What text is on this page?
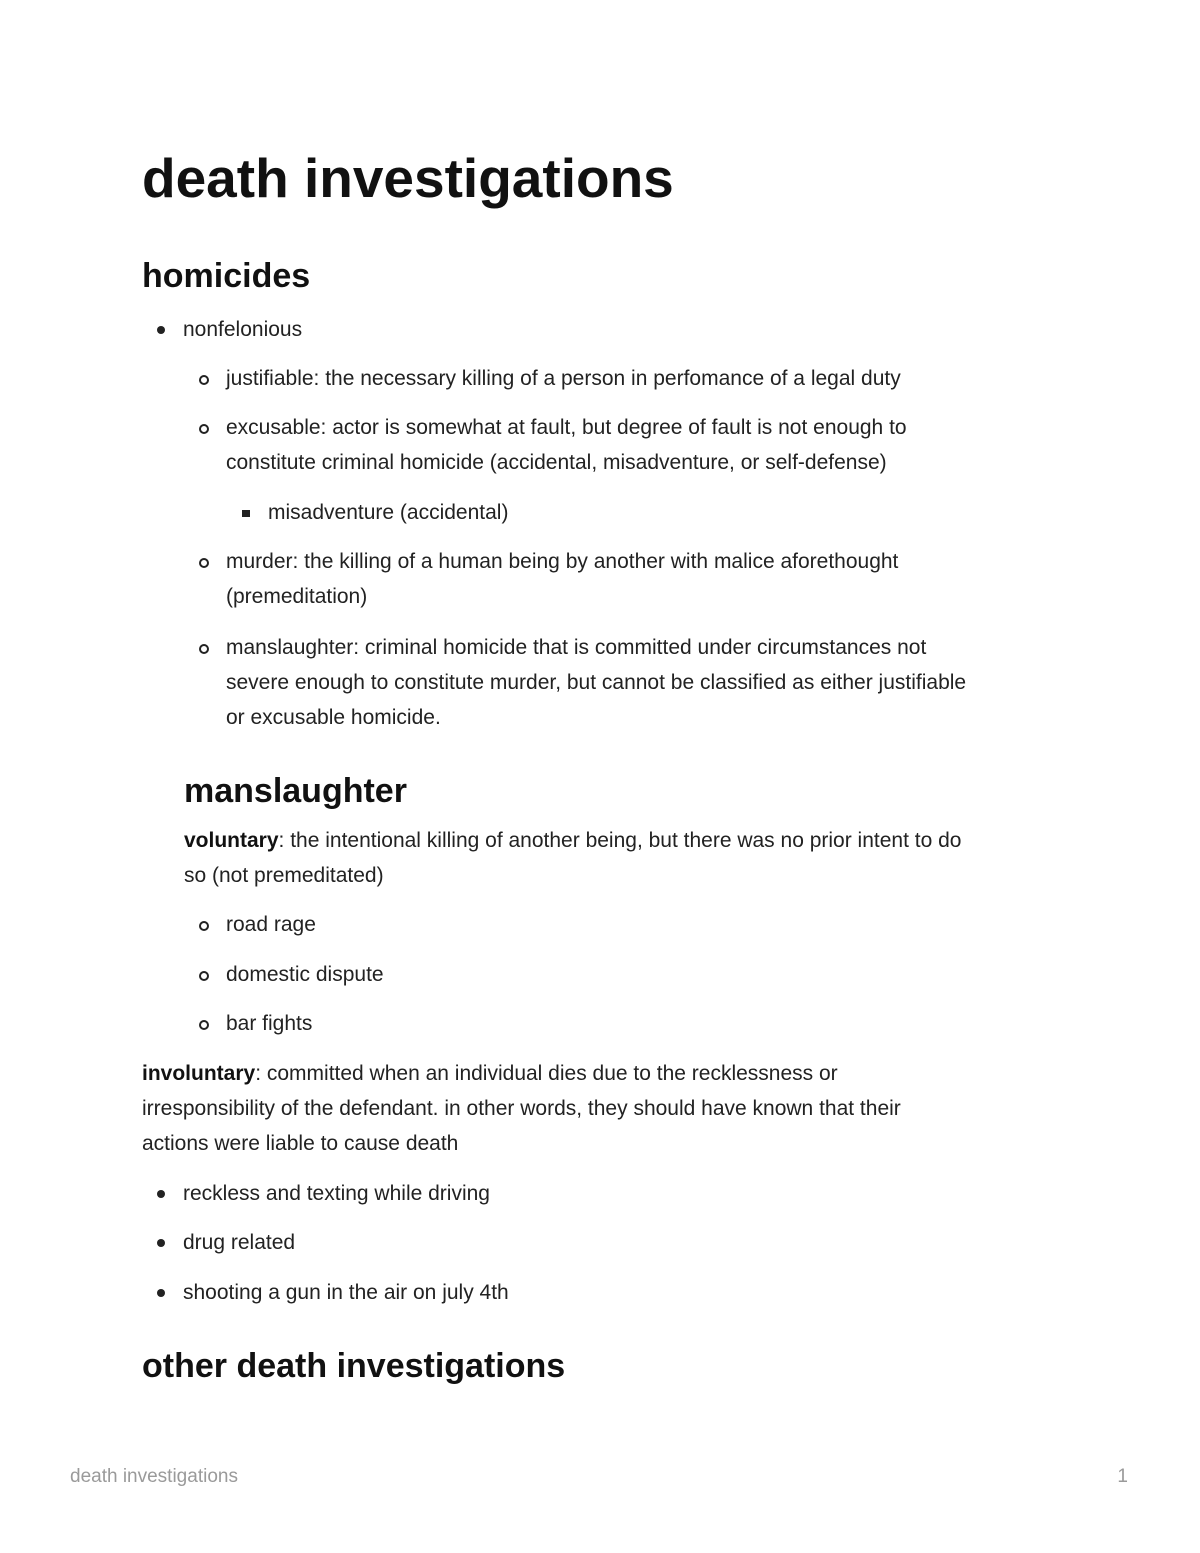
death investigations
homicides

nonfelonious

justifiable: the necessary killing of a person in perfomance of a legal duty

excusable: actor is somewhat at fault, but degree of fault is not enough to

constitute criminal homicide (accidental, misadventure, or self-defense)

misadventure (accidental)

murder: the killing of a human being by another with malice aforethought

(premeditation)

manslaughter: criminal homicide that is committed under circumstances not

severe enough to constitute murder, but cannot be classified as either justifiable

or excusable homicide.

manslaughter

voluntary: the intentional killing of another being, but there was no prior intent to do

so (not premeditated)

road rage

domestic dispute

bar fights

involuntary: committed when an individual dies due to the recklessness or

irresponsibility of the defendant. in other words, they should have known that their

actions were liable to cause death

reckless and texting while driving

drug related

shooting a gun in the air on july 4th

other death investigations
death investigations	1
